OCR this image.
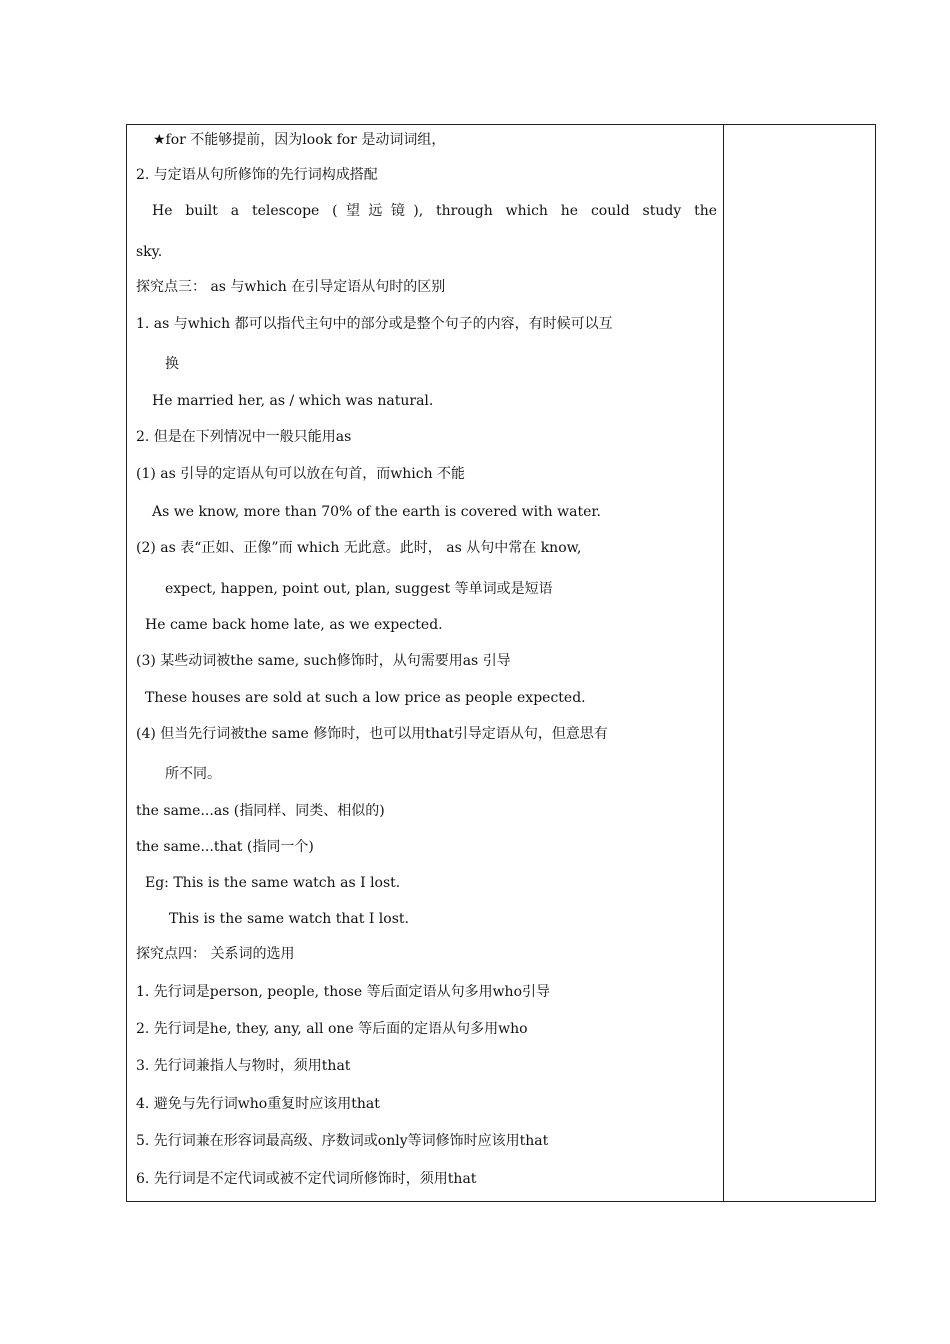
★for 不能够提前，因为look for 是动词词组，
2. 与定语从句所修饰的先行词构成搭配
He built a telescope (望远镜), through which he could study the
sky.
探究点三： as 与which 在引导定语从句时的区别
1. as 与which 都可以指代主句中的部分或是整个句子的内容，有时候可以互
换
He married her, as / which was natural.
2. 但是在下列情况中一般只能用as
(1) as 引导的定语从句可以放在句首，而which 不能
As we know, more than 70% of the earth is covered with water.
(2) as 表“正如、正像”而 which 无此意。此时， as 从句中常在 know,
expect, happen, point out, plan, suggest 等单词或是短语
He came back home late, as we expected.
(3) 某些动词被the same, such修饰时，从句需要用as 引导
These houses are sold at such a low price as people expected.
(4) 但当先行词被the same 修饰时，也可以用that引导定语从句，但意思有
所不同。
the same...as (指同样、同类、相似的)
the same...that (指同一个)
Eg: This is the same watch as I lost.
This is the same watch that I lost.
探究点四： 关系词的选用
1. 先行词是person, people, those 等后面定语从句多用who引导
2. 先行词是he, they, any, all one 等后面的定语从句多用who
3. 先行词兼指人与物时，须用that
4. 避免与先行词who重复时应该用that
5. 先行词兼在形容词最高级、序数词或only等词修饰时应该用that
6. 先行词是不定代词或被不定代词所修饰时，须用that
